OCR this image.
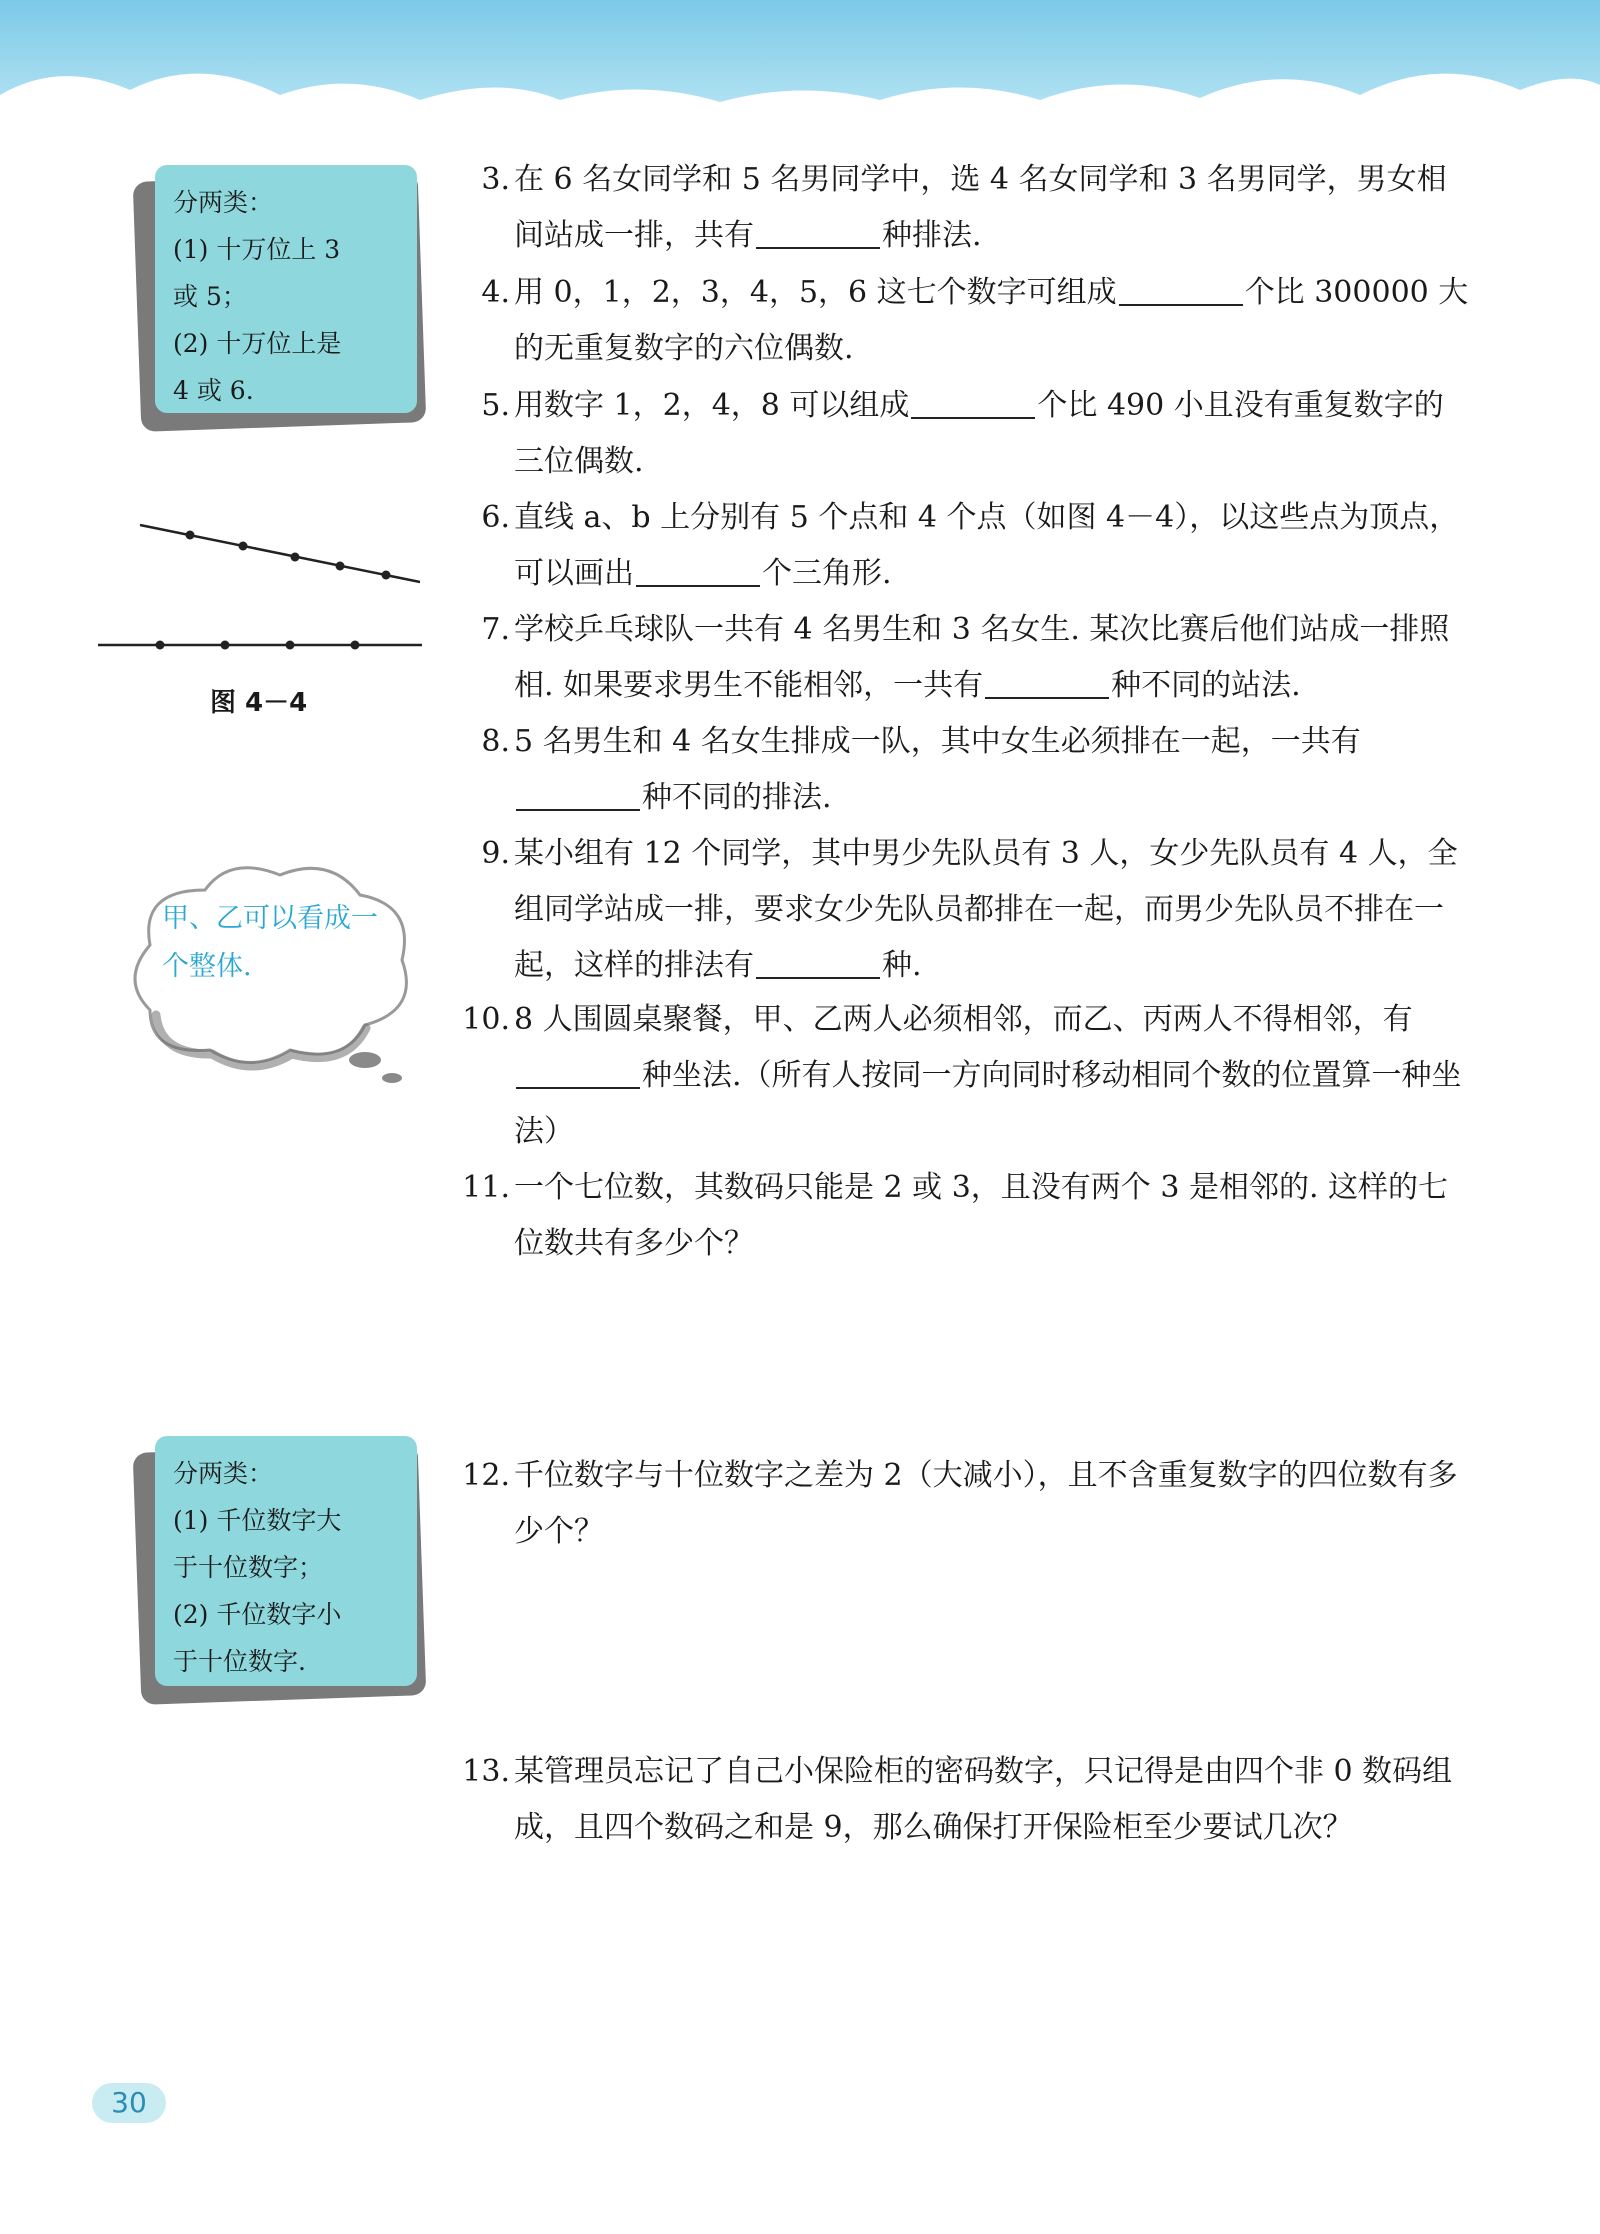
分两类：
(1) 十万位上 3
或 5；
(2) 十万位上是
4 或 6.
图 4－4
甲、乙可以看成一个整体.
分两类：
(1) 千位数字大
于十位数字；
(2) 千位数字小
于十位数字.
3. 在 6 名女同学和 5 名男同学中，选 4 名女同学和 3 名男同学，男女相间站成一排，共有	种排法.
4. 用 0，1，2，3，4，5，6 这七个数字可组成	个比 300000 大的无重复数字的六位偶数.
5. 用数字 1，2，4，8 可以组成	个比 490 小且没有重复数字的三位偶数.
6. 直线 a、b 上分别有 5 个点和 4 个点（如图 4－4），以这些点为顶点，可以画出	个三角形.
7. 学校乒乓球队一共有 4 名男生和 3 名女生. 某次比赛后他们站成一排照相. 如果要求男生不能相邻，一共有	种不同的站法.
8. 5 名男生和 4 名女生排成一队，其中女生必须排在一起，一共有种不同的排法.
9. 某小组有 12 个同学，其中男少先队员有 3 人，女少先队员有 4 人，全组同学站成一排，要求女少先队员都排在一起，而男少先队员不排在一起，这样的排法有	种.
10. 8 人围圆桌聚餐，甲、乙两人必须相邻，而乙、丙两人不得相邻，有种坐法.（所有人按同一方向同时移动相同个数的位置算一种坐法）
11. 一个七位数，其数码只能是 2 或 3，且没有两个 3 是相邻的. 这样的七位数共有多少个？
12. 千位数字与十位数字之差为 2（大减小），且不含重复数字的四位数有多少个？
13. 某管理员忘记了自己小保险柜的密码数字，只记得是由四个非 0 数码组成，且四个数码之和是 9，那么确保打开保险柜至少要试几次？
30
